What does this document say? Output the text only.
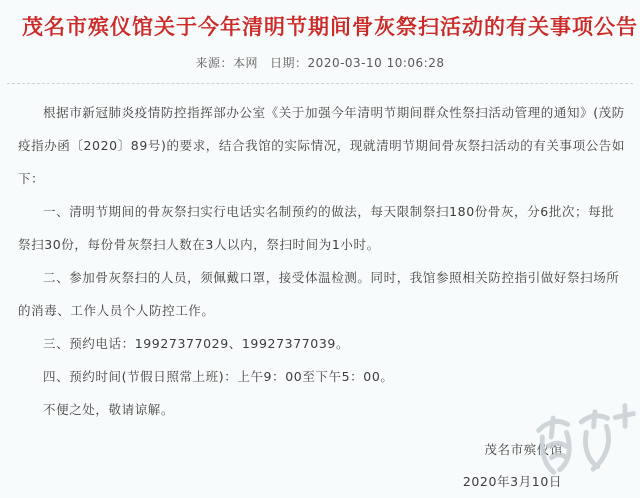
茂名市殡仪馆关于今年清明节期间骨灰祭扫活动的有关事项公告
来源：本网 日期：2020-03-10 10:06:28

根据市新冠肺炎疫情防控指挥部办公室《关于加强今年清明节期间群众性祭扫活动管理的通知》(茂防疫指办函〔2020〕89号)的要求，结合我馆的实际情况，现就清明节期间骨灰祭扫活动的有关事项公告如下：

一、清明节期间的骨灰祭扫实行电话实名制预约的做法，每天限制祭扫180份骨灰，分6批次；每批祭扫30份，每份骨灰祭扫人数在3人以内，祭扫时间为1小时。

二、参加骨灰祭扫的人员，须佩戴口罩，接受体温检测。同时，我馆参照相关防控指引做好祭扫场所的消毒、工作人员个人防控工作。

三、预约电话：19927377029、19927377039。

四、预约时间(节假日照常上班)：上午9：00至下午5：00。

不便之处，敬请谅解。

茂名市殡仪馆
2020年3月10日
